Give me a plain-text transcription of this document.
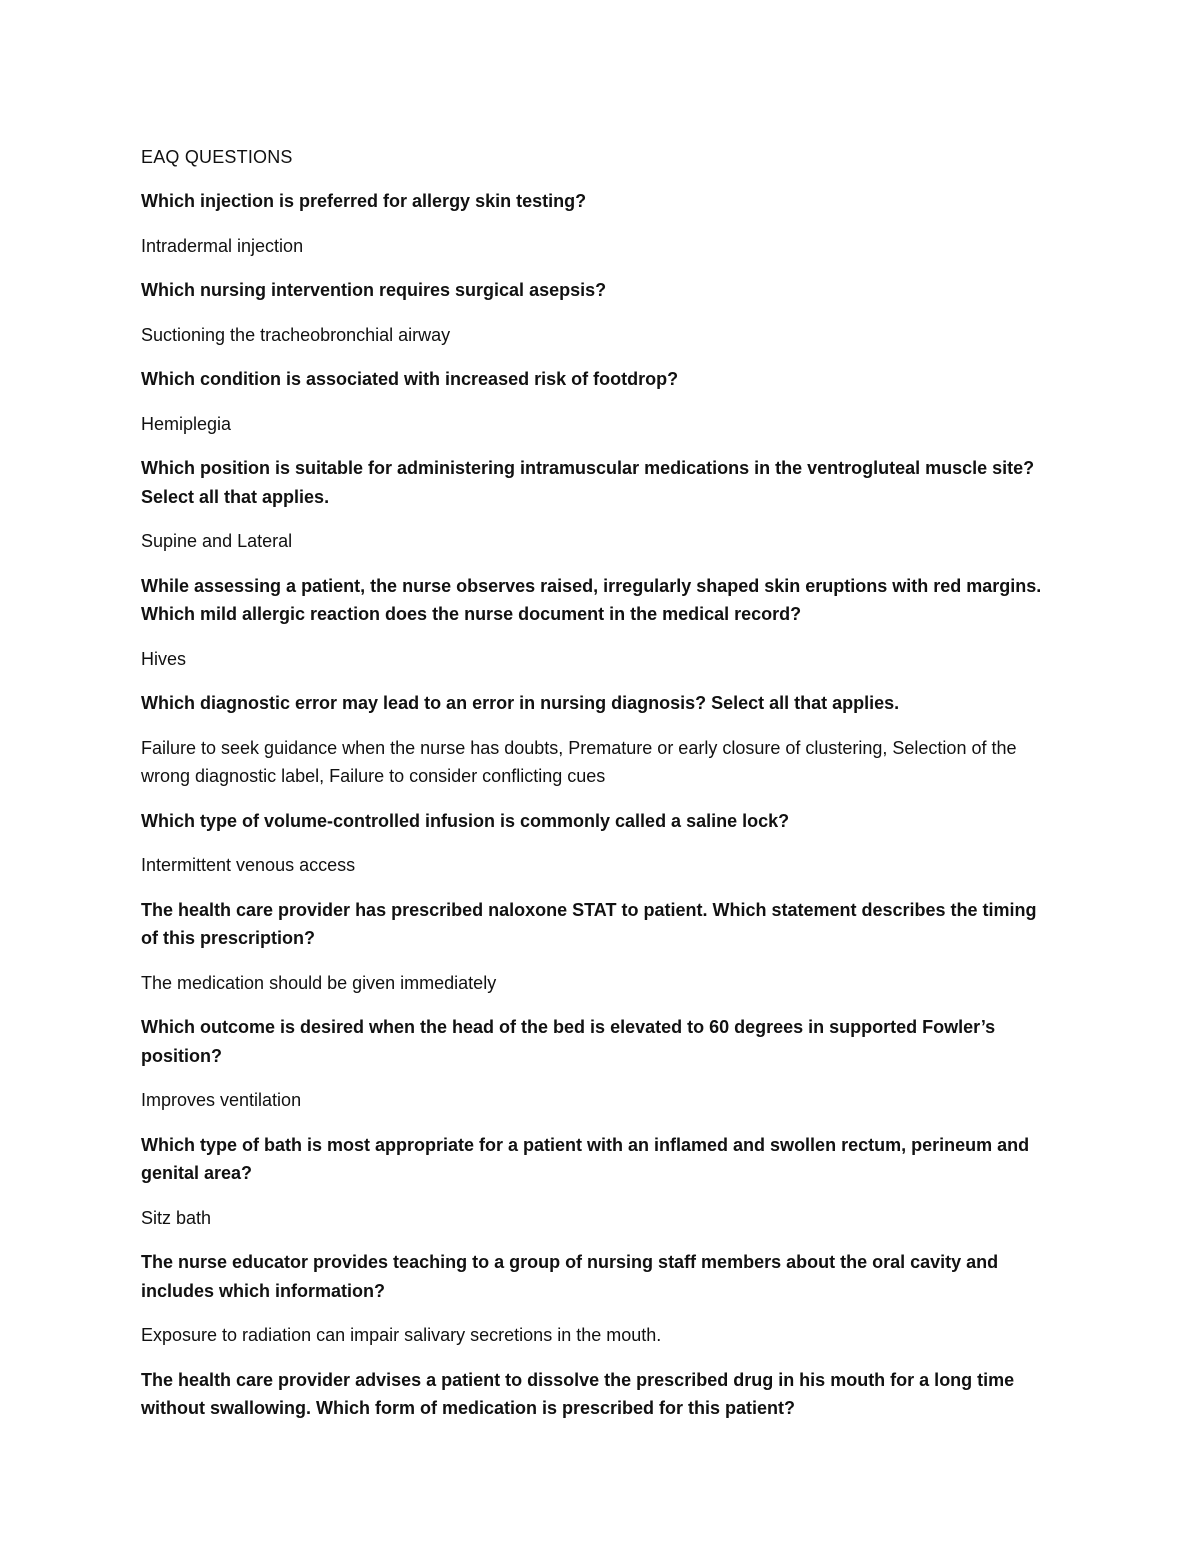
EAQ QUESTIONS

Which injection is preferred for allergy skin testing?

Intradermal injection

Which nursing intervention requires surgical asepsis?

Suctioning the tracheobronchial airway

Which condition is associated with increased risk of footdrop?

Hemiplegia

Which position is suitable for administering intramuscular medications in the ventrogluteal muscle site? Select all that applies.

Supine and Lateral

While assessing a patient, the nurse observes raised, irregularly shaped skin eruptions with red margins. Which mild allergic reaction does the nurse document in the medical record?

Hives

Which diagnostic error may lead to an error in nursing diagnosis? Select all that applies.

Failure to seek guidance when the nurse has doubts, Premature or early closure of clustering, Selection of the wrong diagnostic label, Failure to consider conflicting cues

Which type of volume-controlled infusion is commonly called a saline lock?

Intermittent venous access

The health care provider has prescribed naloxone STAT to patient. Which statement describes the timing of this prescription?

The medication should be given immediately

Which outcome is desired when the head of the bed is elevated to 60 degrees in supported Fowler’s position?

Improves ventilation

Which type of bath is most appropriate for a patient with an inflamed and swollen rectum, perineum and genital area?

Sitz bath

The nurse educator provides teaching to a group of nursing staff members about the oral cavity and includes which information?

Exposure to radiation can impair salivary secretions in the mouth.

The health care provider advises a patient to dissolve the prescribed drug in his mouth for a long time without swallowing. Which form of medication is prescribed for this patient?
